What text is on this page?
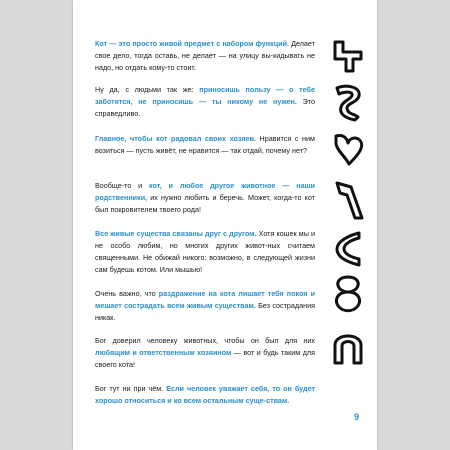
Кот — это просто живой предмет с набором функций. Делает свое дело, тогда оставь, не делает — на улицу вы-кидывать не надо, но отдать кому-то стоит.

Ну да, с людьми так же: приносишь пользу — о тебе заботятся, не приносишь — ты никому не нужен. Это справедливо.

Главное, чтобы кот радовал своих хозяев. Нравится с ним возиться — пусть живёт, не нравится — так отдай, почему нет?

Вообще-то и кот, и любое другое животное — наши родственники, их нужно любить и беречь. Может, когда-то кот был покровителем твоего рода!

Все живые существа связаны друг с другом. Хотя кошек мы и не особо любим, но многих других живот-ных считаем священными. Не обижай никого: возможно, в следующей жизни сам будешь котом. Или мышью!

Очень важно, что раздражение на кота лишает тебя покоя и мешает сострадать всем живым существам. Без сострадания никак.

Бог доверил человеку животных, чтобы он был для них любящим и ответственным хозяином — вот и будь таким для своего кота!

Бог тут ни при чём. Если человек уважает себя, то он будет хорошо относиться и ко всем остальным суще-ствам.

9
